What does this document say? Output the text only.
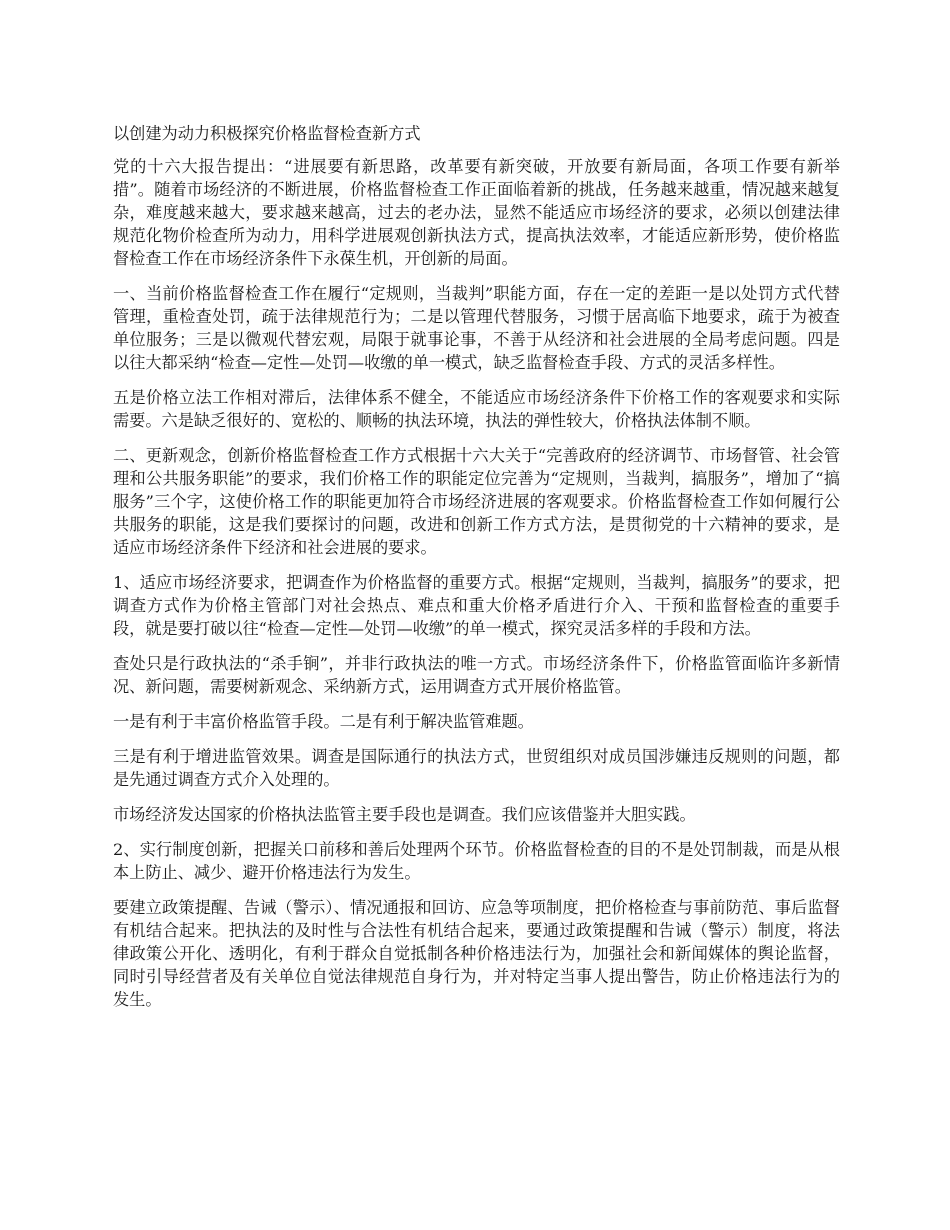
以创建为动力积极探究价格监督检查新方式

党的十六大报告提出：“进展要有新思路，改革要有新突破，开放要有新局面，各项工作要有新举措”。随着市场经济的不断进展，价格监督检查工作正面临着新的挑战，任务越来越重，情况越来越复杂，难度越来越大，要求越来越高，过去的老办法，显然不能适应市场经济的要求，必须以创建法律规范化物价检查所为动力，用科学进展观创新执法方式，提高执法效率，才能适应新形势，使价格监督检查工作在市场经济条件下永葆生机，开创新的局面。

一、当前价格监督检查工作在履行“定规则，当裁判”职能方面，存在一定的差距一是以处罚方式代替管理，重检查处罚，疏于法律规范行为；二是以管理代替服务，习惯于居高临下地要求，疏于为被查单位服务；三是以微观代替宏观，局限于就事论事，不善于从经济和社会进展的全局考虑问题。四是以往大都采纳“检查—定性—处罚—收缴的单一模式，缺乏监督检查手段、方式的灵活多样性。

五是价格立法工作相对滞后，法律体系不健全，不能适应市场经济条件下价格工作的客观要求和实际需要。六是缺乏很好的、宽松的、顺畅的执法环境，执法的弹性较大，价格执法体制不顺。

二、更新观念，创新价格监督检查工作方式根据十六大关于“完善政府的经济调节、市场督管、社会管理和公共服务职能”的要求，我们价格工作的职能定位完善为“定规则，当裁判，搞服务”，增加了“搞服务”三个字，这使价格工作的职能更加符合市场经济进展的客观要求。价格监督检查工作如何履行公共服务的职能，这是我们要探讨的问题，改进和创新工作方式方法，是贯彻党的十六精神的要求，是适应市场经济条件下经济和社会进展的要求。

1、适应市场经济要求，把调查作为价格监督的重要方式。根据“定规则，当裁判，搞服务”的要求，把调查方式作为价格主管部门对社会热点、难点和重大价格矛盾进行介入、干预和监督检查的重要手段，就是要打破以往“检查—定性—处罚—收缴”的单一模式，探究灵活多样的手段和方法。

查处只是行政执法的“杀手锏”，并非行政执法的唯一方式。市场经济条件下，价格监管面临许多新情况、新问题，需要树新观念、采纳新方式，运用调查方式开展价格监管。

一是有利于丰富价格监管手段。二是有利于解决监管难题。

三是有利于增进监管效果。调查是国际通行的执法方式，世贸组织对成员国涉嫌违反规则的问题，都是先通过调查方式介入处理的。

市场经济发达国家的价格执法监管主要手段也是调查。我们应该借鉴并大胆实践。

2、实行制度创新，把握关口前移和善后处理两个环节。价格监督检查的目的不是处罚制裁，而是从根本上防止、减少、避开价格违法行为发生。

要建立政策提醒、告诫（警示）、情况通报和回访、应急等项制度，把价格检查与事前防范、事后监督有机结合起来。把执法的及时性与合法性有机结合起来，要通过政策提醒和告诫（警示）制度，将法律政策公开化、透明化，有利于群众自觉抵制各种价格违法行为，加强社会和新闻媒体的舆论监督，同时引导经营者及有关单位自觉法律规范自身行为，并对特定当事人提出警告，防止价格违法行为的发生。
